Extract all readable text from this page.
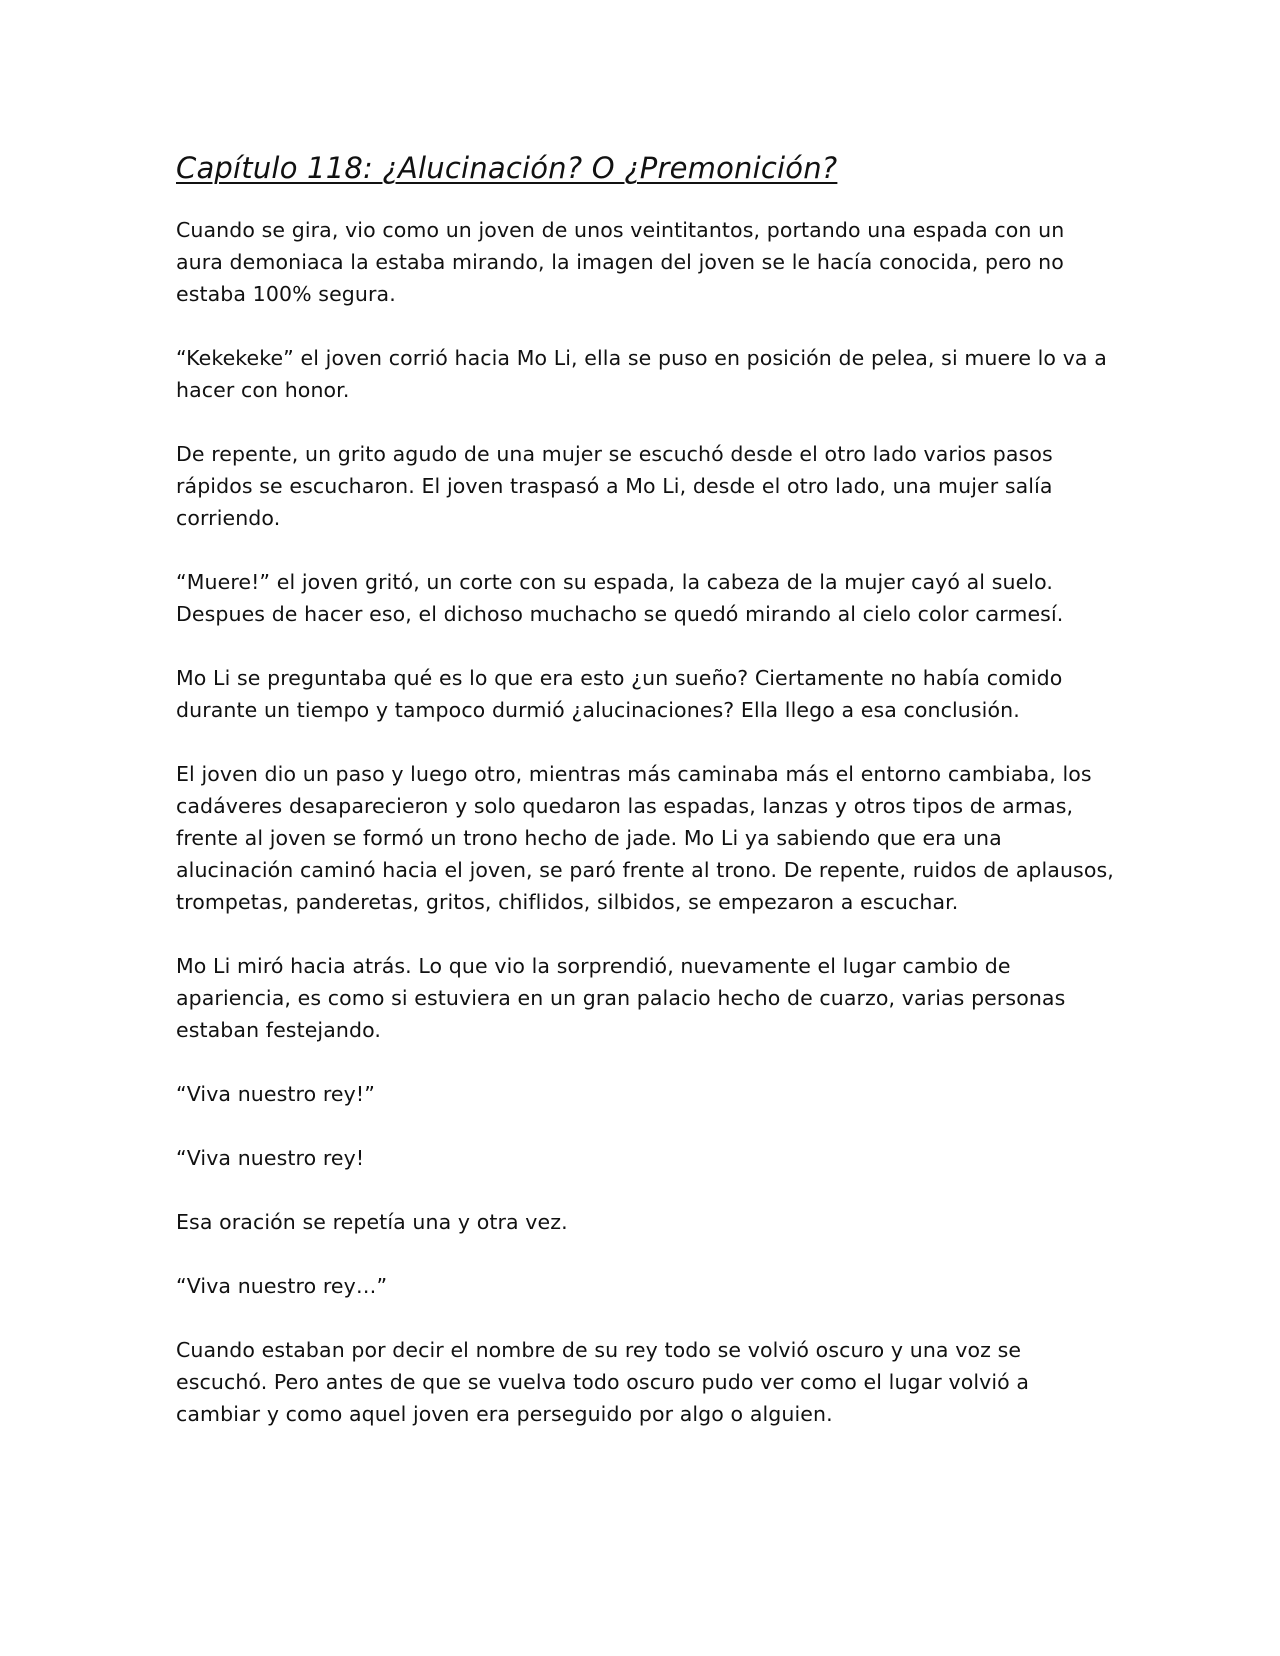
Capítulo 118: ¿Alucinación? O ¿Premonición?

Cuando se gira, vio como un joven de unos veintitantos, portando una espada con un aura demoniaca la estaba mirando, la imagen del joven se le hacía conocida, pero no estaba 100% segura.

“Kekekeke” el joven corrió hacia Mo Li, ella se puso en posición de pelea, si muere lo va a hacer con honor.

De repente, un grito agudo de una mujer se escuchó desde el otro lado varios pasos rápidos se escucharon. El joven traspasó a Mo Li, desde el otro lado, una mujer salía corriendo.

“Muere!” el joven gritó, un corte con su espada, la cabeza de la mujer cayó al suelo. Despues de hacer eso, el dichoso muchacho se quedó mirando al cielo color carmesí.

Mo Li se preguntaba qué es lo que era esto ¿un sueño? Ciertamente no había comido durante un tiempo y tampoco durmió ¿alucinaciones? Ella llego a esa conclusión.

El joven dio un paso y luego otro, mientras más caminaba más el entorno cambiaba, los cadáveres desaparecieron y solo quedaron las espadas, lanzas y otros tipos de armas, frente al joven se formó un trono hecho de jade. Mo Li ya sabiendo que era una alucinación caminó hacia el joven, se paró frente al trono. De repente, ruidos de aplausos, trompetas, panderetas, gritos, chiflidos, silbidos, se empezaron a escuchar.

Mo Li miró hacia atrás. Lo que vio la sorprendió, nuevamente el lugar cambio de apariencia, es como si estuviera en un gran palacio hecho de cuarzo, varias personas estaban festejando.

“Viva nuestro rey!”

“Viva nuestro rey!

Esa oración se repetía una y otra vez.

“Viva nuestro rey…”

Cuando estaban por decir el nombre de su rey todo se volvió oscuro y una voz se escuchó. Pero antes de que se vuelva todo oscuro pudo ver como el lugar volvió a cambiar y como aquel joven era perseguido por algo o alguien.
